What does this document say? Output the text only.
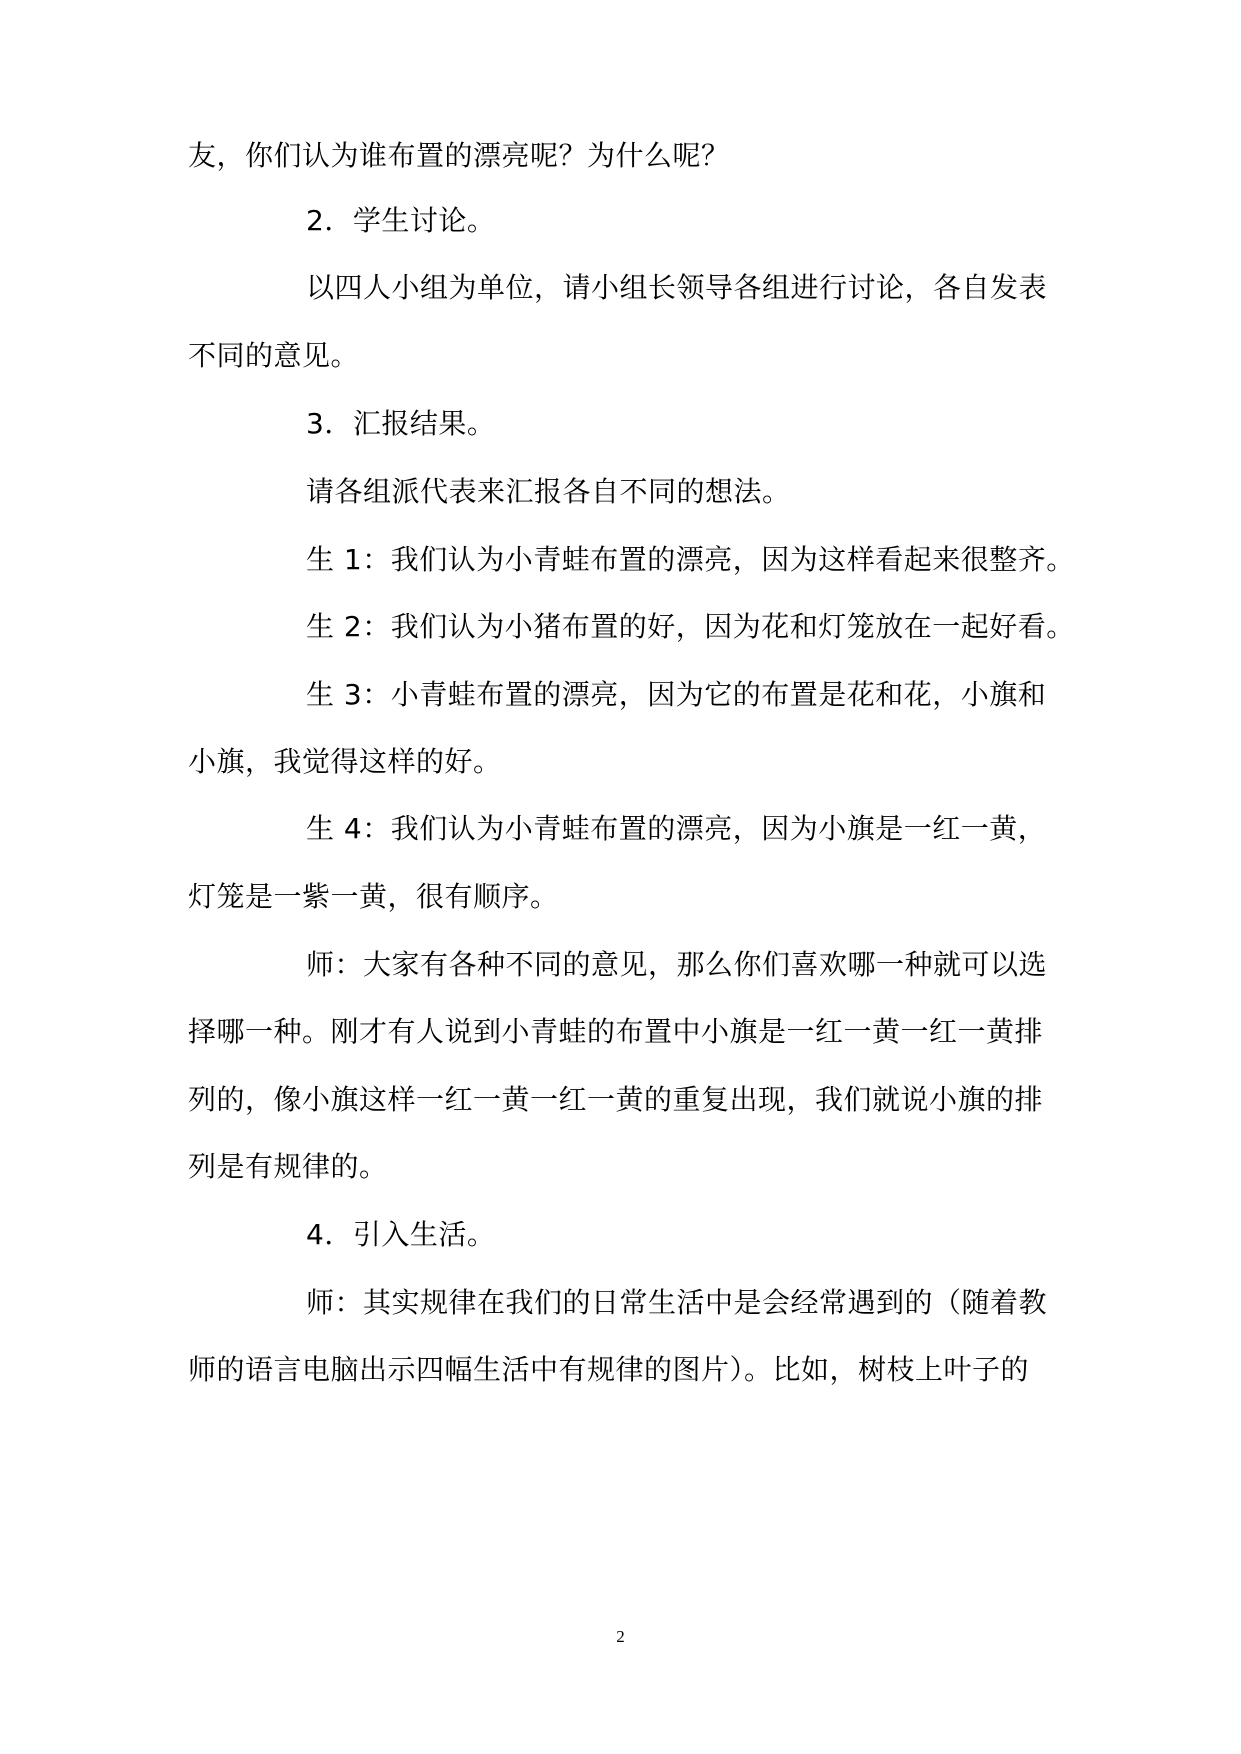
友，你们认为谁布置的漂亮呢？为什么呢？

2．学生讨论。

以四人小组为单位，请小组长领导各组进行讨论，各自发表

不同的意见。

3．汇报结果。

请各组派代表来汇报各自不同的想法。

生 1：我们认为小青蛙布置的漂亮，因为这样看起来很整齐。

生 2：我们认为小猪布置的好，因为花和灯笼放在一起好看。

生 3：小青蛙布置的漂亮，因为它的布置是花和花，小旗和

小旗，我觉得这样的好。

生 4：我们认为小青蛙布置的漂亮，因为小旗是一红一黄，

灯笼是一紫一黄，很有顺序。

师：大家有各种不同的意见，那么你们喜欢哪一种就可以选

择哪一种。刚才有人说到小青蛙的布置中小旗是一红一黄一红一黄排

列的，像小旗这样一红一黄一红一黄的重复出现，我们就说小旗的排

列是有规律的。

4．引入生活。

师：其实规律在我们的日常生活中是会经常遇到的（随着教

师的语言电脑出示四幅生活中有规律的图片）。比如，树枝上叶子的

2
